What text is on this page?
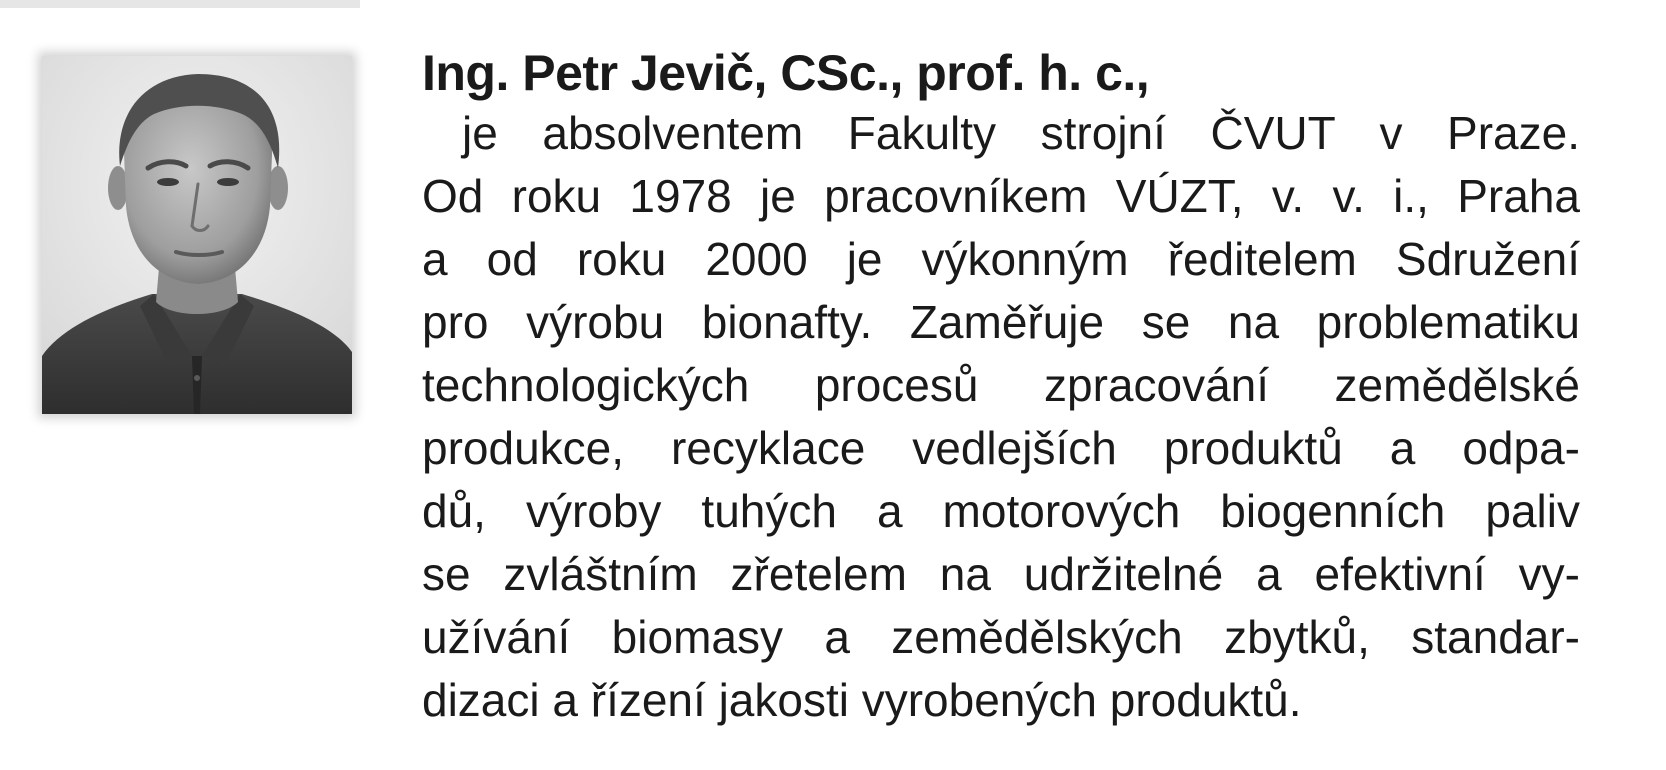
Ing. Petr Jevič, CSc., prof. h. c.,
je absolventem Fakulty strojní ČVUT v Praze.
Od roku 1978 je pracovníkem VÚZT, v. v. i., Praha
a od roku 2000 je výkonným ředitelem Sdružení
pro výrobu bionafty. Zaměřuje se na problematiku
technologických procesů zpracování zemědělské
produkce, recyklace vedlejších produktů a odpa-
dů, výroby tuhých a motorových biogenních paliv
se zvláštním zřetelem na udržitelné a efektivní vy-
užívání biomasy a zemědělských zbytků, standar-
dizaci a řízení jakosti vyrobených produktů.
